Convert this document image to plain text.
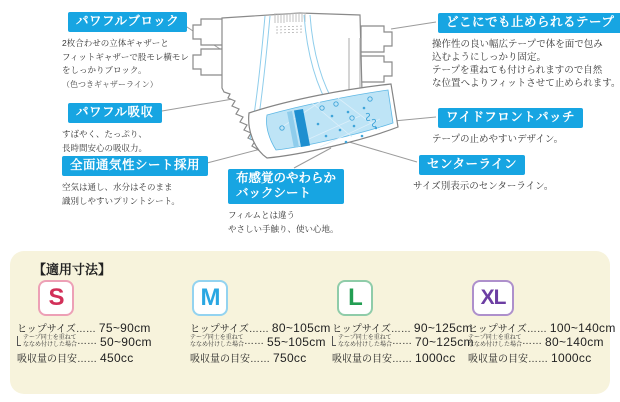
パワフルブロック
2枚合わせの立体ギャザーと
フィットギャザーで股モレ横モレ
をしっかりブロック。
（色つきギャザーライン）
パワフル吸収
すばやく、たっぷり、
長時間安心の吸収力。
全面通気性シート採用
空気は通し、水分はそのまま
識別しやすいプリントシート。
布感覚のやわらか
バックシート
フィルムとは違う
やさしい手触り、使い心地。
どこにでも止められるテープ
操作性の良い幅広テープで体を面で包み
込むようにしっかり固定。
テープを重ねても付けられますので自然
な位置へよりフィットさせて止められます。
ワイドフロントパッチ
テープの止めやすいデザイン。
センターライン
サイズ別表示のセンターライン。
【適用寸法】
S
ヒップサイズ…… 75~90cm
テープ同士を重ねて
ななめ付けした場合 …… 50~90cm
吸収量の目安…… 450cc
M
ヒップサイズ…… 80~105cm
テープ同士を重ねて
ななめ付けした場合 …… 55~105cm
吸収量の目安…… 750cc
L
ヒップサイズ…… 90~125cm
テープ同士を重ねて
ななめ付けした場合 …… 70~125cm
吸収量の目安…… 1000cc
XL
ヒップサイズ…… 100~140cm
テープ同士を重ねて
ななめ付けした場合 …… 80~140cm
吸収量の目安…… 1000cc
